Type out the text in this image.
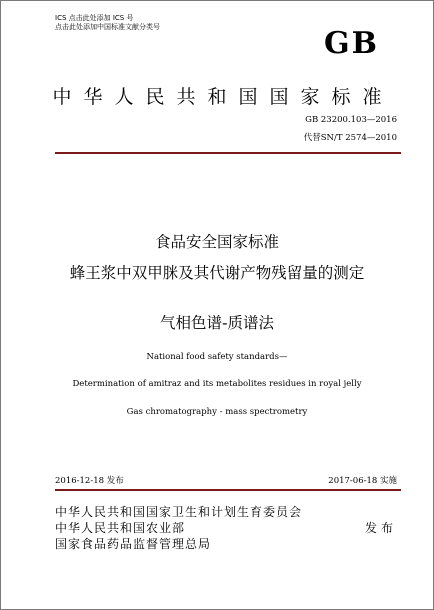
ICS 点击此处添加 ICS 号
点击此处添加中国标准文献分类号	GB
中华人民共和国国家标准
GB 23200.103—2016
代替SN/T 2574—2010
食品安全国家标准
蜂王浆中双甲脒及其代谢产物残留量的测定
气相色谱-质谱法
National food safety standards—
Determination of amitraz and its metabolites residues in royal jelly
Gas chromatography - mass spectrometry
2016-12-18 发布	2017-06-18 实施
中华人民共和国国家卫生和计划生育委员会
中华人民共和国农业部
国家食品药品监督管理总局
发布
